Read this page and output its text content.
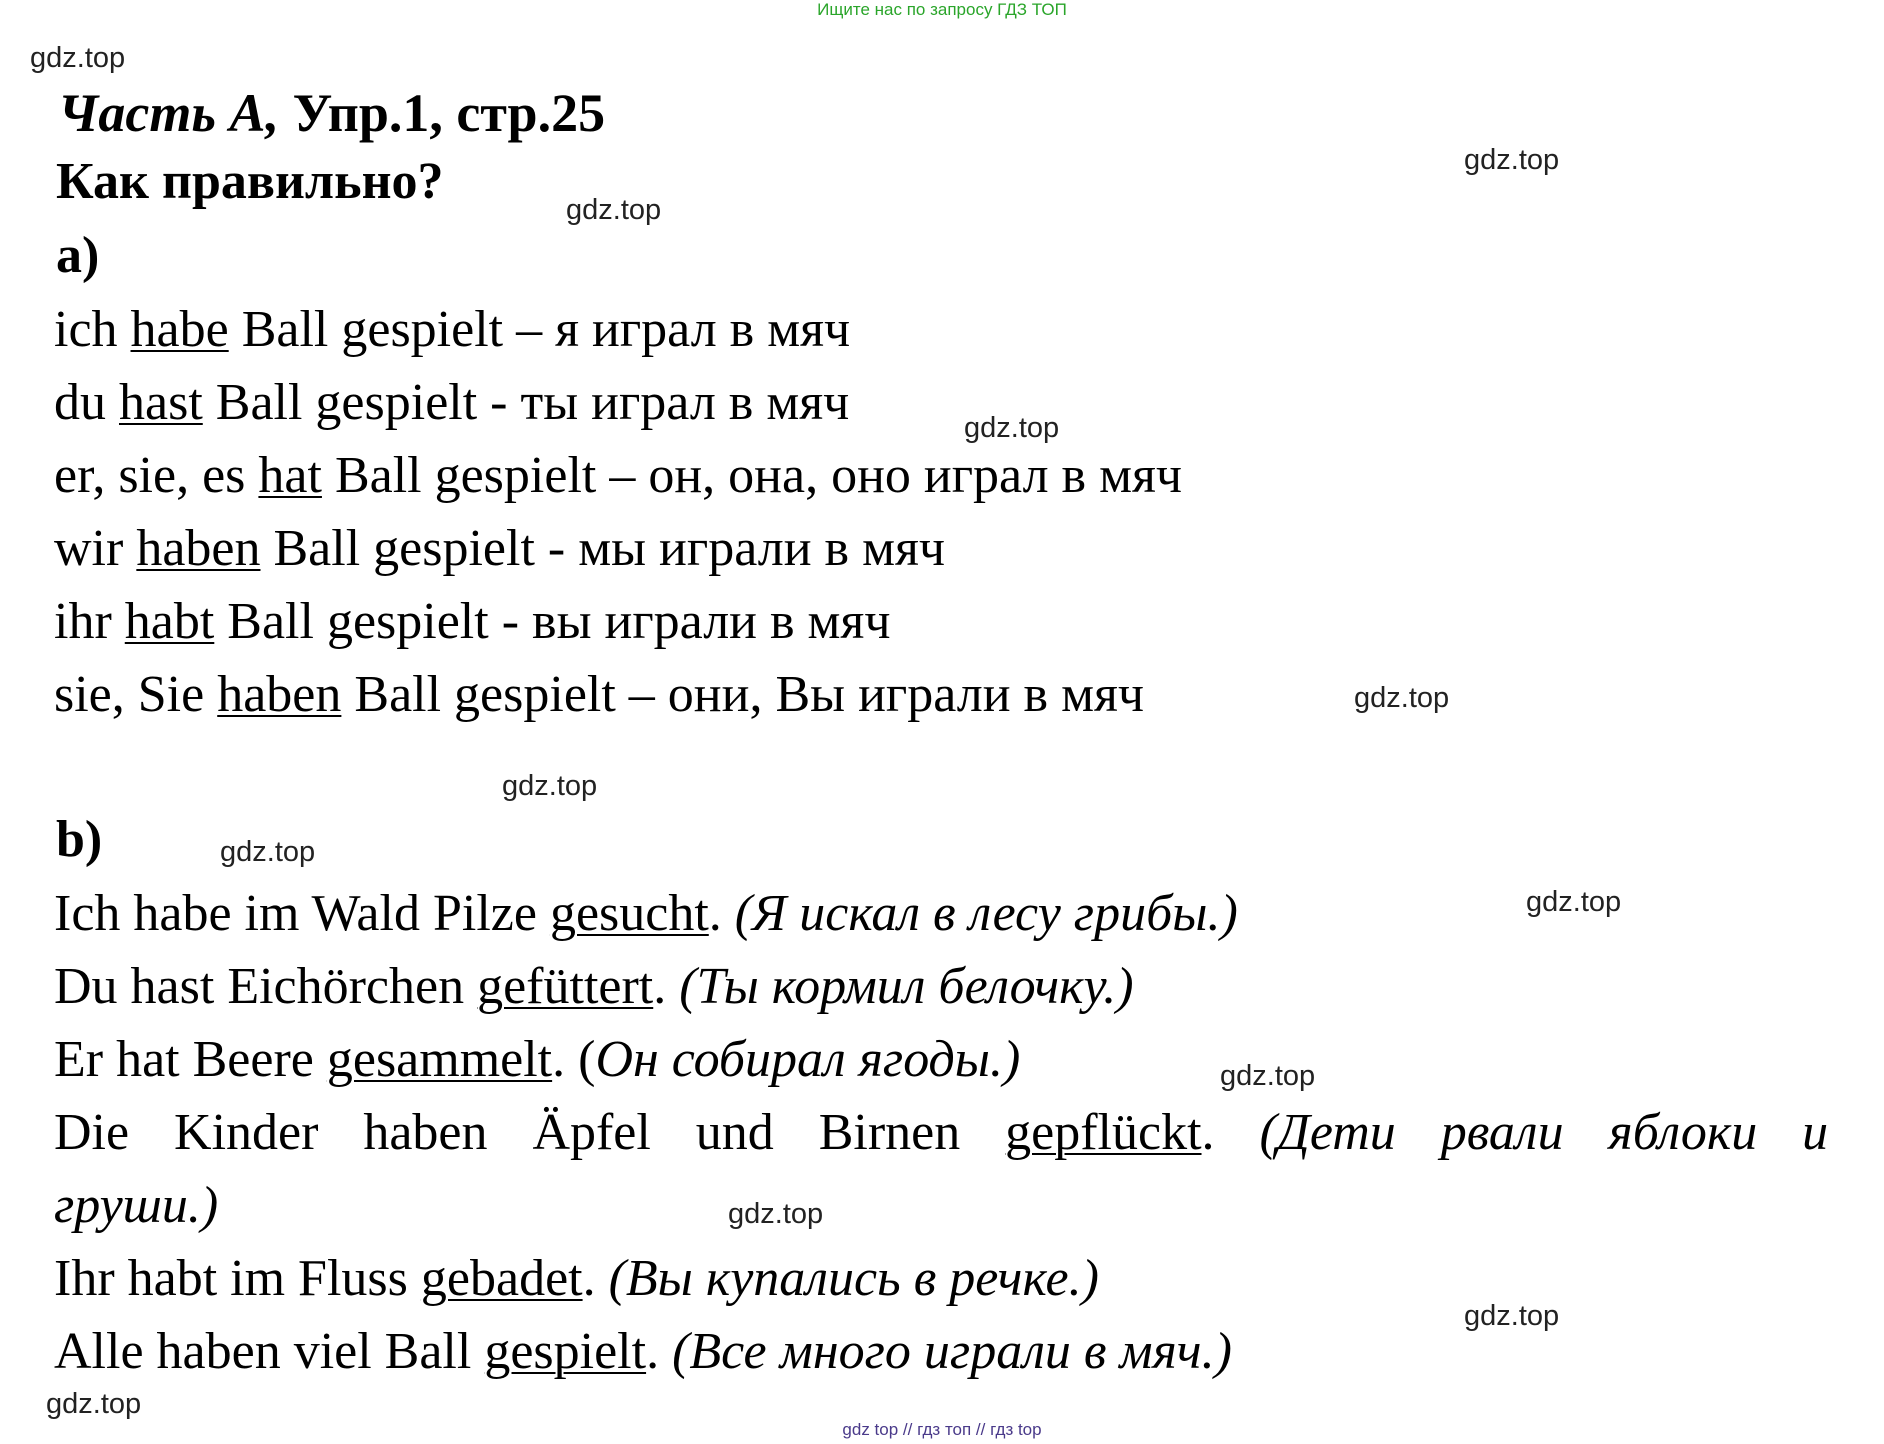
Ищите нас по запросу ГДЗ ТОП
gdz.top
gdz.top
gdz.top
gdz.top
gdz.top
gdz.top
gdz.top
gdz.top
gdz.top
gdz.top
gdz.top
gdz.top
Часть А, Упр.1, стр.25
Как правильно?
a)
ich habe Ball gespielt – я играл в мяч
du hast Ball gespielt - ты играл в мяч
er, sie, es hat Ball gespielt – он, она, оно играл в мяч
wir haben Ball gespielt - мы играли в мяч
ihr habt Ball gespielt - вы играли в мяч
sie, Sie haben Ball gespielt – они, Вы играли в мяч
b)
Ich habe im Wald Pilze gesucht. (Я искал в лесу грибы.)
Du hast Eichörchen gefüttert. (Ты кормил белочку.)
Er hat Beere gesammelt. (Он собирал ягоды.)
Die Kinder haben Äpfel und Birnen gepflückt. (Дети рвали яблоки и
груши.)
Ihr habt im Fluss gebadet. (Вы купались в речке.)
Alle haben viel Ball gespielt. (Все много играли в мяч.)
gdz top // гдз топ // гдз top
